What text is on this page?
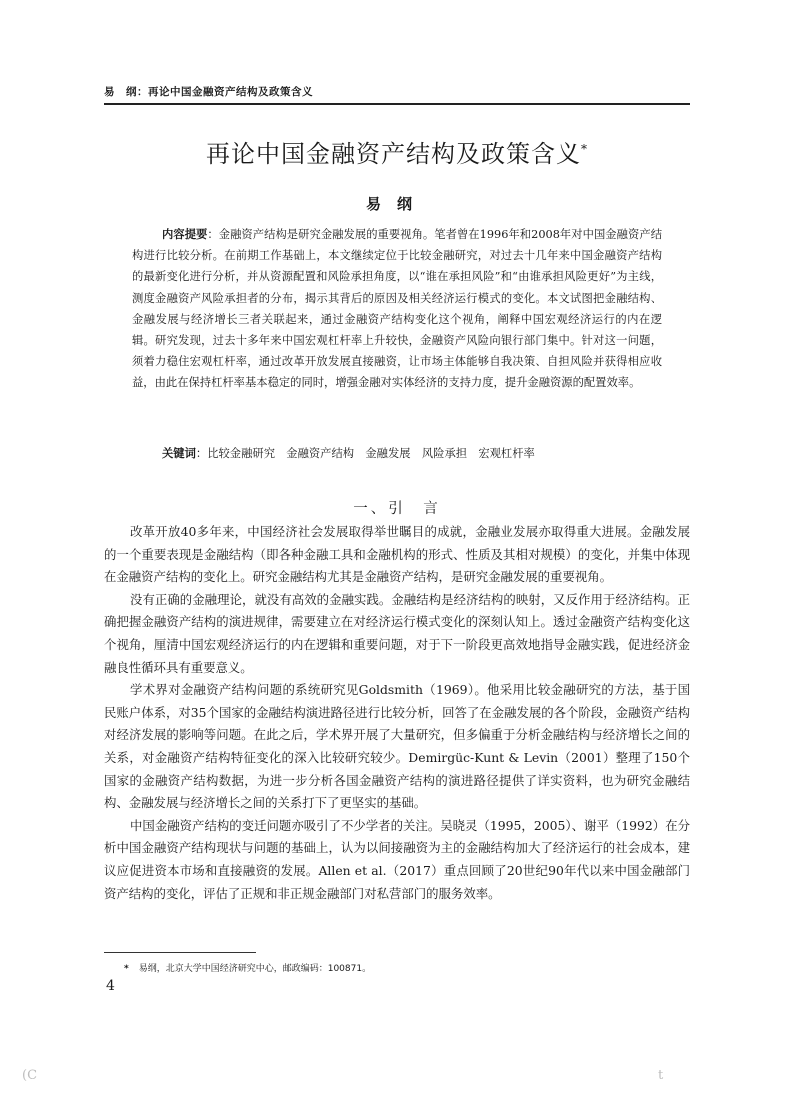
易　纲：再论中国金融资产结构及政策含义
再论中国金融资产结构及政策含义*
易纲
内容提要：金融资产结构是研究金融发展的重要视角。笔者曾在1996年和2008年对中国金融资产结构进行比较分析。在前期工作基础上，本文继续定位于比较金融研究，对过去十几年来中国金融资产结构的最新变化进行分析，并从资源配置和风险承担角度，以“谁在承担风险”和“由谁承担风险更好”为主线，测度金融资产风险承担者的分布，揭示其背后的原因及相关经济运行模式的变化。本文试图把金融结构、金融发展与经济增长三者关联起来，通过金融资产结构变化这个视角，阐释中国宏观经济运行的内在逻辑。研究发现，过去十多年来中国宏观杠杆率上升较快，金融资产风险向银行部门集中。针对这一问题，须着力稳住宏观杠杆率，通过改革开放发展直接融资，让市场主体能够自我决策、自担风险并获得相应收益，由此在保持杠杆率基本稳定的同时，增强金融对实体经济的支持力度，提升金融资源的配置效率。
关键词：比较金融研究　金融资产结构　金融发展　风险承担　宏观杠杆率
一、引　言

改革开放40多年来，中国经济社会发展取得举世瞩目的成就，金融业发展亦取得重大进展。金融发展的一个重要表现是金融结构（即各种金融工具和金融机构的形式、性质及其相对规模）的变化，并集中体现在金融资产结构的变化上。研究金融结构尤其是金融资产结构，是研究金融发展的重要视角。

没有正确的金融理论，就没有高效的金融实践。金融结构是经济结构的映射，又反作用于经济结构。正确把握金融资产结构的演进规律，需要建立在对经济运行模式变化的深刻认知上。透过金融资产结构变化这个视角，厘清中国宏观经济运行的内在逻辑和重要问题，对于下一阶段更高效地指导金融实践，促进经济金融良性循环具有重要意义。

学术界对金融资产结构问题的系统研究见Goldsmith（1969）。他采用比较金融研究的方法，基于国民账户体系，对35个国家的金融结构演进路径进行比较分析，回答了在金融发展的各个阶段，金融资产结构对经济发展的影响等问题。在此之后，学术界开展了大量研究，但多偏重于分析金融结构与经济增长之间的关系，对金融资产结构特征变化的深入比较研究较少。Demirgüc-Kunt & Levin（2001）整理了150个国家的金融资产结构数据，为进一步分析各国金融资产结构的演进路径提供了详实资料，也为研究金融结构、金融发展与经济增长之间的关系打下了更坚实的基础。

中国金融资产结构的变迁问题亦吸引了不少学者的关注。吴晓灵（1995，2005）、谢平（1992）在分析中国金融资产结构现状与问题的基础上，认为以间接融资为主的金融结构加大了经济运行的社会成本，建议应促进资本市场和直接融资的发展。Allen et al.（2017）重点回顾了20世纪90年代以来中国金融部门资产结构的变化，评估了正规和非正规金融部门对私营部门的服务效率。

* 易纲，北京大学中国经济研究中心，邮政编码：100871。
4
(C	t
